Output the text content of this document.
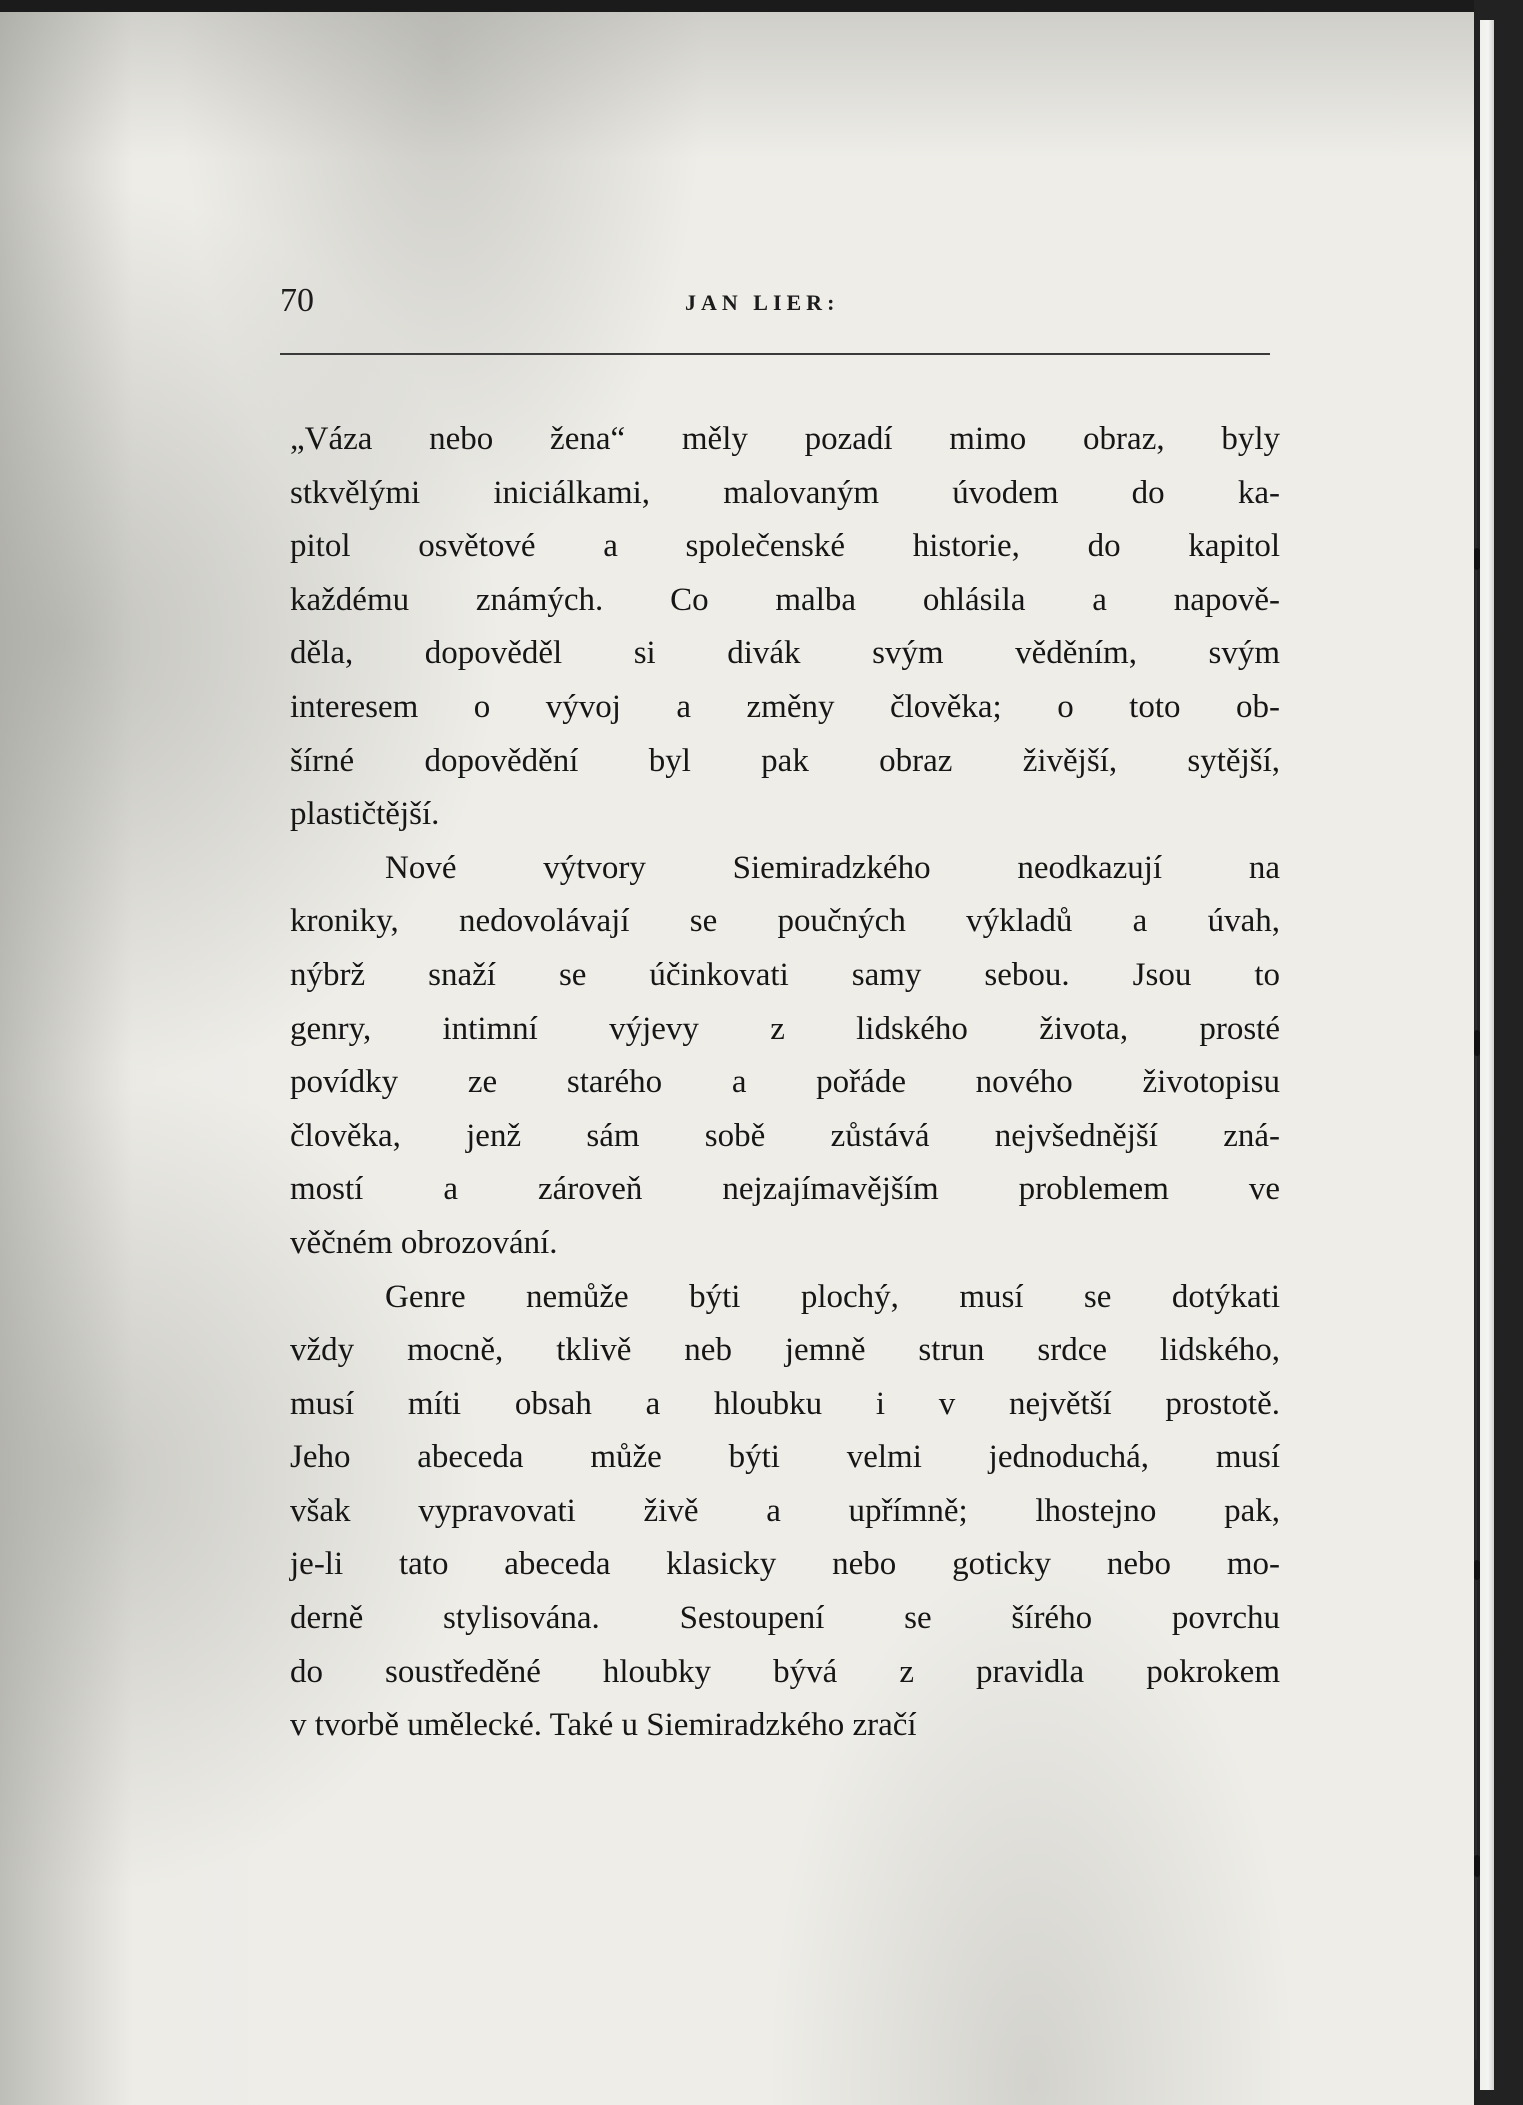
70	JAN LIER:
„Váza nebo žena“ měly pozadí mimo obraz, byly
stkvělými iniciálkami, malovaným úvodem do ka-
pitol osvětové a společenské historie, do kapitol
každému známých. Co malba ohlásila a napově-
děla, dopověděl si divák svým věděním, svým
interesem o vývoj a změny člověka; o toto ob-
šírné dopovědění byl pak obraz živější, sytější,
plastičtější.
Nové výtvory Siemiradzkého neodkazují na
kroniky, nedovolávají se poučných výkladů a úvah,
nýbrž snaží se účinkovati samy sebou. Jsou to
genry, intimní výjevy z lidského života, prosté
povídky ze starého a pořáde nového životopisu
člověka, jenž sám sobě zůstává nejvšednější zná-
mostí a zároveň nejzajímavějším problemem ve
věčném obrozování.
Genre nemůže býti plochý, musí se dotýkati
vždy mocně, tklivě neb jemně strun srdce lidského,
musí míti obsah a hloubku i v největší prostotě.
Jeho abeceda může býti velmi jednoduchá, musí
však vypravovati živě a upřímně; lhostejno pak,
je-li tato abeceda klasicky nebo goticky nebo mo-
derně stylisována. Sestoupení se šírého povrchu
do soustředěné hloubky bývá z pravidla pokrokem
v tvorbě umělecké. Také u Siemiradzkého zračí
